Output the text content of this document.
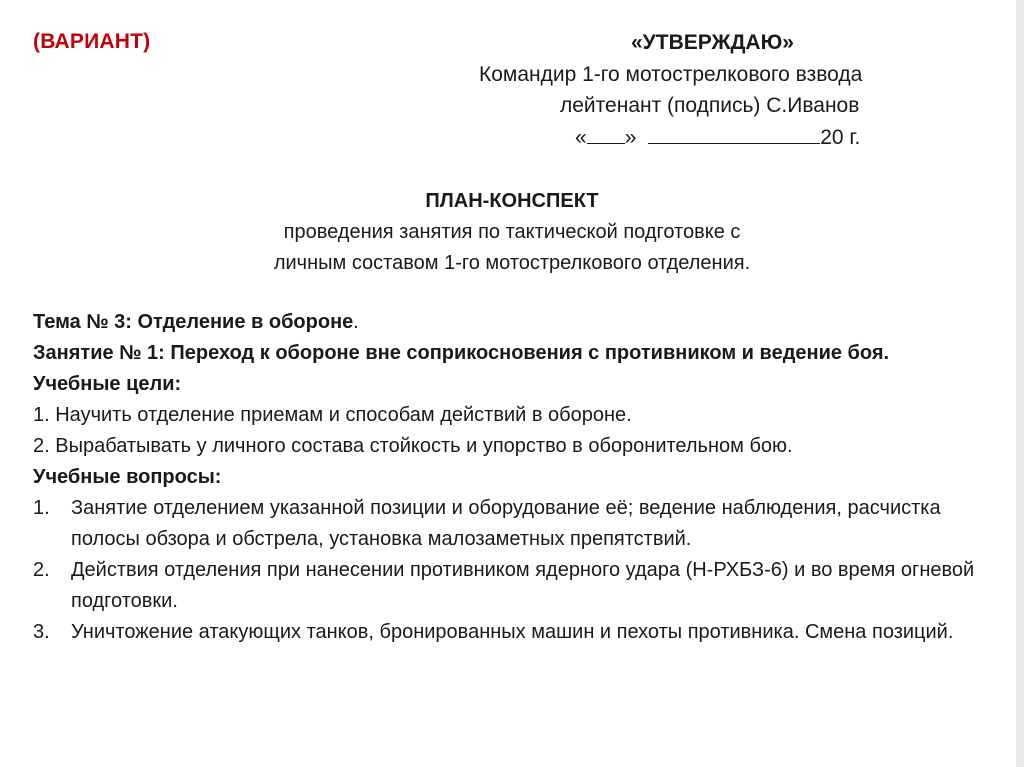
(ВАРИАНТ)	«УТВЕРЖДАЮ»
Командир 1-го мотострелкового взвода
лейтенант (подпись) С.Иванов
« »	20 г.
ПЛАН-КОНСПЕКТ
проведения занятия по тактической подготовке с
личным составом 1-го мотострелкового отделения.

Тема № 3: Отделение в обороне.

Занятие № 1: Переход к обороне вне соприкосновения с противником и ведение боя.

Учебные цели:

1. Научить отделение приемам и способам действий в обороне.

2. Вырабатывать у личного состава стойкость и упорство в оборонительном бою.

Учебные вопросы:

1.	Занятие отделением указанной позиции и оборудование её; ведение наблюдения, расчистка полосы обзора и обстрела, установка малозаметных препятствий.
2.	Действия отделения при нанесении противником ядерного удара (Н-РХБЗ-6) и во время огневой подготовки.
3.	Уничтожение атакующих танков, бронированных машин и пехоты противника. Смена позиций.
